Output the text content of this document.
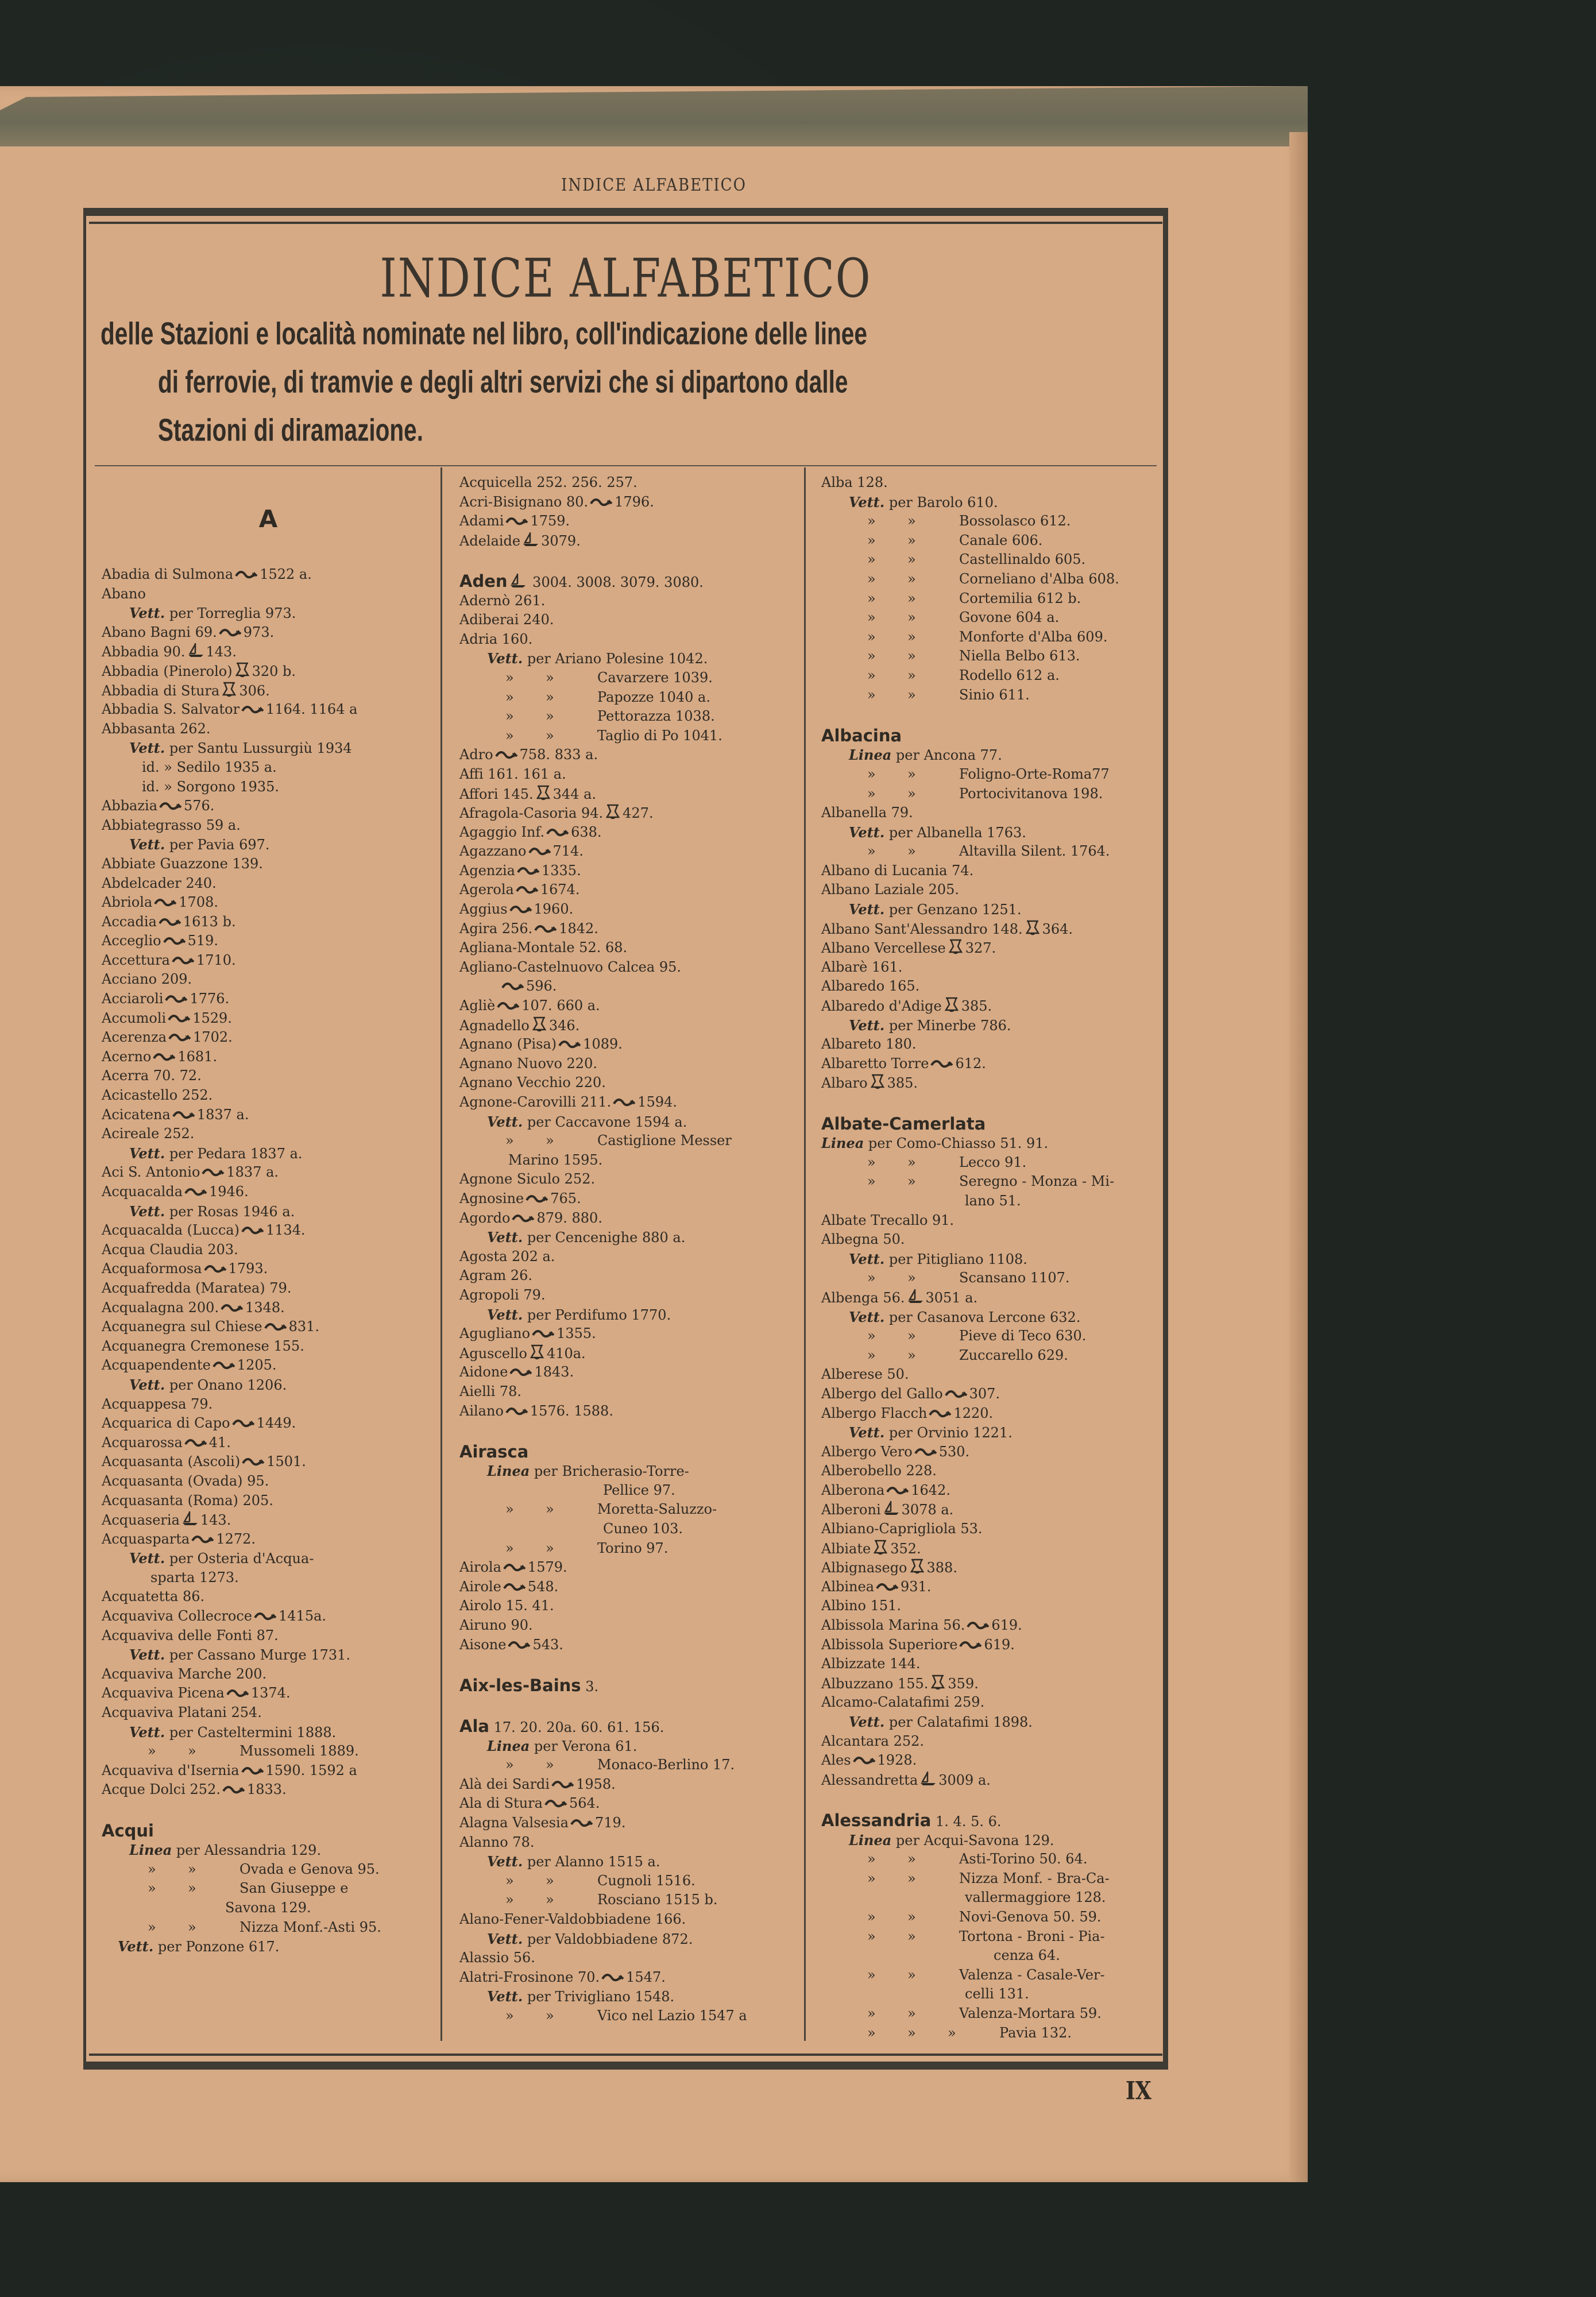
INDICE ALFABETICO
INDICE ALFABETICO
delle Stazioni e località nominate nel libro, coll'indicazione delle linee
di ferrovie, di tramvie e degli altri servizi che si dipartono dalle
Stazioni di diramazione.
A
Abadia di Sulmona 1522 a.
Abano
Vett. per Torreglia 973.
Abano Bagni 69. 973.
Abbadia 90. 143.
Abbadia (Pinerolo) 320 b.
Abbadia di Stura 306.
Abbadia S. Salvator 1164. 1164 a
Abbasanta 262.
Vett. per Santu Lussurgiù 1934
id. » Sedilo 1935 a.
id. » Sorgono 1935.
Abbazia 576.
Abbiategrasso 59 a.
Vett. per Pavia 697.
Abbiate Guazzone 139.
Abdelcader 240.
Abriola 1708.
Accadia 1613 b.
Acceglio 519.
Accettura 1710.
Acciano 209.
Acciaroli 1776.
Accumoli 1529.
Acerenza 1702.
Acerno 1681.
Acerra 70. 72.
Acicastello 252.
Acicatena 1837 a.
Acireale 252.
Vett. per Pedara 1837 a.
Aci S. Antonio 1837 a.
Acquacalda 1946.
Vett. per Rosas 1946 a.
Acquacalda (Lucca) 1134.
Acqua Claudia 203.
Acquaformosa 1793.
Acquafredda (Maratea) 79.
Acqualagna 200. 1348.
Acquanegra sul Chiese 831.
Acquanegra Cremonese 155.
Acquapendente 1205.
Vett. per Onano 1206.
Acquappesa 79.
Acquarica di Capo 1449.
Acquarossa 41.
Acquasanta (Ascoli) 1501.
Acquasanta (Ovada) 95.
Acquasanta (Roma) 205.
Acquaseria 143.
Acquasparta 1272.
Vett. per Osteria d'Acqua-
sparta 1273.
Acquatetta 86.
Acquaviva Collecroce 1415a.
Acquaviva delle Fonti 87.
Vett. per Cassano Murge 1731.
Acquaviva Marche 200.
Acquaviva Picena 1374.
Acquaviva Platani 254.
Vett. per Casteltermini 1888.
» »	Mussomeli 1889.
Acquaviva d'Isernia 1590. 1592 a
Acque Dolci 252. 1833.
Acqui
Linea per Alessandria 129.
» »	Ovada e Genova 95.
» »	San Giuseppe e
Savona 129.
» »	Nizza Monf.-Asti 95.
Vett. per Ponzone 617.
Acquicella 252. 256. 257.
Acri-Bisignano 80. 1796.
Adami 1759.
Adelaide 3079.
Aden 3004. 3008. 3079. 3080.
Adernò 261.
Adiberai 240.
Adria 160.
Vett. per Ariano Polesine 1042.
» »	Cavarzere 1039.
» »	Papozze 1040 a.
» »	Pettorazza 1038.
» »	Taglio di Po 1041.
Adro 758. 833 a.
Affi 161. 161 a.
Affori 145. 344 a.
Afragola-Casoria 94. 427.
Agaggio Inf. 638.
Agazzano 714.
Agenzia 1335.
Agerola 1674.
Aggius 1960.
Agira 256. 1842.
Agliana-Montale 52. 68.
Agliano-Castelnuovo Calcea 95.
596.
Agliè 107. 660 a.
Agnadello 346.
Agnano (Pisa) 1089.
Agnano Nuovo 220.
Agnano Vecchio 220.
Agnone-Carovilli 211. 1594.
Vett. per Caccavone 1594 a.
» »	Castiglione Messer
Marino 1595.
Agnone Siculo 252.
Agnosine 765.
Agordo 879. 880.
Vett. per Cencenighe 880 a.
Agosta 202 a.
Agram 26.
Agropoli 79.
Vett. per Perdifumo 1770.
Agugliano 1355.
Aguscello 410a.
Aidone 1843.
Aielli 78.
Ailano 1576. 1588.
Airasca
Linea per Bricherasio-Torre-
Pellice 97.
» »	Moretta-Saluzzo-
Cuneo 103.
» »	Torino 97.
Airola 1579.
Airole 548.
Airolo 15. 41.
Airuno 90.
Aisone 543.
Aix-les-Bains 3.
Ala 17. 20. 20a. 60. 61. 156.
Linea per Verona 61.
» »	Monaco-Berlino 17.
Alà dei Sardi 1958.
Ala di Stura 564.
Alagna Valsesia 719.
Alanno 78.
Vett. per Alanno 1515 a.
» »	Cugnoli 1516.
» »	Rosciano 1515 b.
Alano-Fener-Valdobbiadene 166.
Vett. per Valdobbiadene 872.
Alassio 56.
Alatri-Frosinone 70. 1547.
Vett. per Trivigliano 1548.
» »	Vico nel Lazio 1547 a
Alba 128.
Vett. per Barolo 610.
» »	Bossolasco 612.
» »	Canale 606.
» »	Castellinaldo 605.
» »	Corneliano d'Alba 608.
» »	Cortemilia 612 b.
» »	Govone 604 a.
» »	Monforte d'Alba 609.
» »	Niella Belbo 613.
» »	Rodello 612 a.
» »	Sinio 611.
Albacina
Linea per Ancona 77.
» »	Foligno-Orte-Roma77
» »	Portocivitanova 198.
Albanella 79.
Vett. per Albanella 1763.
» »	Altavilla Silent. 1764.
Albano di Lucania 74.
Albano Laziale 205.
Vett. per Genzano 1251.
Albano Sant'Alessandro 148. 364.
Albano Vercellese 327.
Albarè 161.
Albaredo 165.
Albaredo d'Adige 385.
Vett. per Minerbe 786.
Albareto 180.
Albaretto Torre 612.
Albaro 385.
Albate-Camerlata
Linea per Como-Chiasso 51. 91.
» »	Lecco 91.
» »	Seregno - Monza - Mi-
lano 51.
Albate Trecallo 91.
Albegna 50.
Vett. per Pitigliano 1108.
» »	Scansano 1107.
Albenga 56. 3051 a.
Vett. per Casanova Lercone 632.
» »	Pieve di Teco 630.
» »	Zuccarello 629.
Alberese 50.
Albergo del Gallo 307.
Albergo Flacch 1220.
Vett. per Orvinio 1221.
Albergo Vero 530.
Alberobello 228.
Alberona 1642.
Alberoni 3078 a.
Albiano-Caprigliola 53.
Albiate 352.
Albignasego 388.
Albinea 931.
Albino 151.
Albissola Marina 56. 619.
Albissola Superiore 619.
Albizzate 144.
Albuzzano 155. 359.
Alcamo-Calatafimi 259.
Vett. per Calatafimi 1898.
Alcantara 252.
Ales 1928.
Alessandretta 3009 a.
Alessandria 1. 4. 5. 6.
Linea per Acqui-Savona 129.
» »	Asti-Torino 50. 64.
» »	Nizza Monf. - Bra-Ca-
vallermaggiore 128.
» »	Novi-Genova 50. 59.
» »	Tortona - Broni - Pia-
cenza 64.
» »	Valenza - Casale-Ver-
celli 131.
» »	Valenza-Mortara 59.
» » »	Pavia 132.
IX
